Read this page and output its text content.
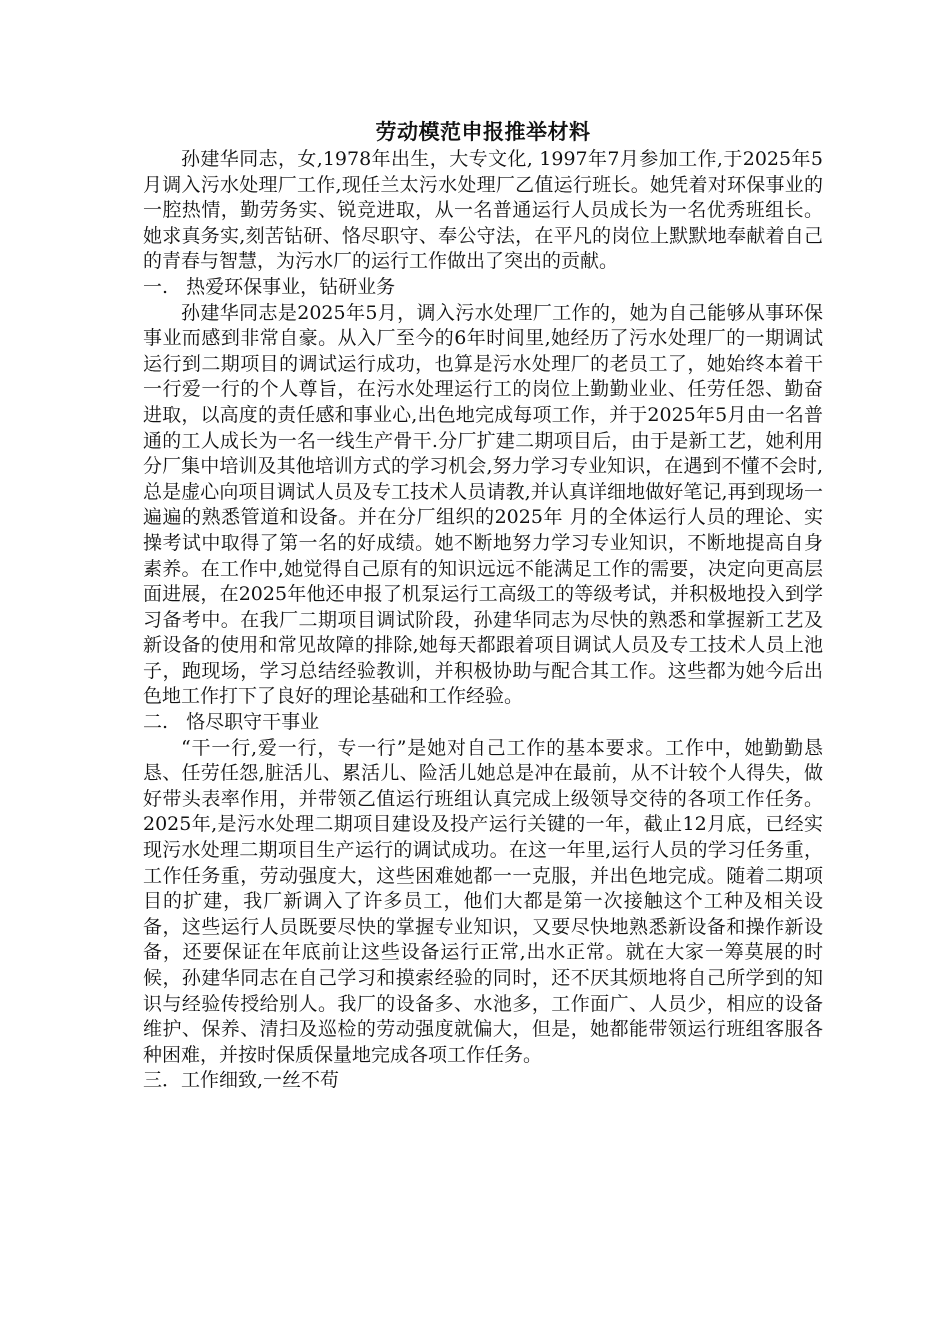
劳动模范申报推举材料

孙建华同志，女,1978年出生，大专文化, 1997年7月参加工作,于2025年5月调入污水处理厂工作,现任兰太污水处理厂乙值运行班长。她凭着对环保事业的一腔热情，勤劳务实、锐竞进取，从一名普通运行人员成长为一名优秀班组长。她求真务实,刻苦钻研、恪尽职守、奉公守法，在平凡的岗位上默默地奉献着自己的青春与智慧，为污水厂的运行工作做出了突出的贡献。

一.   热爱环保事业，钻研业务

孙建华同志是2025年5月，调入污水处理厂工作的，她为自己能够从事环保事业而感到非常自豪。从入厂至今的6年时间里,她经历了污水处理厂的一期调试运行到二期项目的调试运行成功，也算是污水处理厂的老员工了，她始终本着干一行爱一行的个人尊旨，在污水处理运行工的岗位上勤勤业业、任劳任怨、勤奋进取，以高度的责任感和事业心,出色地完成每项工作，并于2025年5月由一名普通的工人成长为一名一线生产骨干.分厂扩建二期项目后，由于是新工艺，她利用分厂集中培训及其他培训方式的学习机会,努力学习专业知识，在遇到不懂不会时,总是虚心向项目调试人员及专工技术人员请教,并认真详细地做好笔记,再到现场一遍遍的熟悉管道和设备。并在分厂组织的2025年 月的全体运行人员的理论、实操考试中取得了第一名的好成绩。她不断地努力学习专业知识，不断地提高自身素养。在工作中,她觉得自己原有的知识远远不能满足工作的需要，决定向更高层面进展，在2025年他还申报了机泵运行工高级工的等级考试，并积极地投入到学习备考中。在我厂二期项目调试阶段，孙建华同志为尽快的熟悉和掌握新工艺及新设备的使用和常见故障的排除,她每天都跟着项目调试人员及专工技术人员上池子，跑现场，学习总结经验教训，并积极协助与配合其工作。这些都为她今后出色地工作打下了良好的理论基础和工作经验。

二.   恪尽职守干事业

“干一行,爱一行，专一行”是她对自己工作的基本要求。工作中，她勤勤恳恳、任劳任怨,脏活儿、累活儿、险活儿她总是冲在最前，从不计较个人得失，做好带头表率作用，并带领乙值运行班组认真完成上级领导交待的各项工作任务。2025年,是污水处理二期项目建设及投产运行关键的一年，截止12月底，已经实现污水处理二期项目生产运行的调试成功。在这一年里,运行人员的学习任务重，工作任务重，劳动强度大，这些困难她都一一克服，并出色地完成。随着二期项目的扩建，我厂新调入了许多员工，他们大都是第一次接触这个工种及相关设备，这些运行人员既要尽快的掌握专业知识，又要尽快地熟悉新设备和操作新设备，还要保证在年底前让这些设备运行正常,出水正常。就在大家一筹莫展的时候，孙建华同志在自己学习和摸索经验的同时，还不厌其烦地将自己所学到的知识与经验传授给别人。我厂的设备多、水池多，工作面广、人员少，相应的设备维护、保养、清扫及巡检的劳动强度就偏大，但是，她都能带领运行班组客服各种困难，并按时保质保量地完成各项工作任务。

三．工作细致,一丝不苟
